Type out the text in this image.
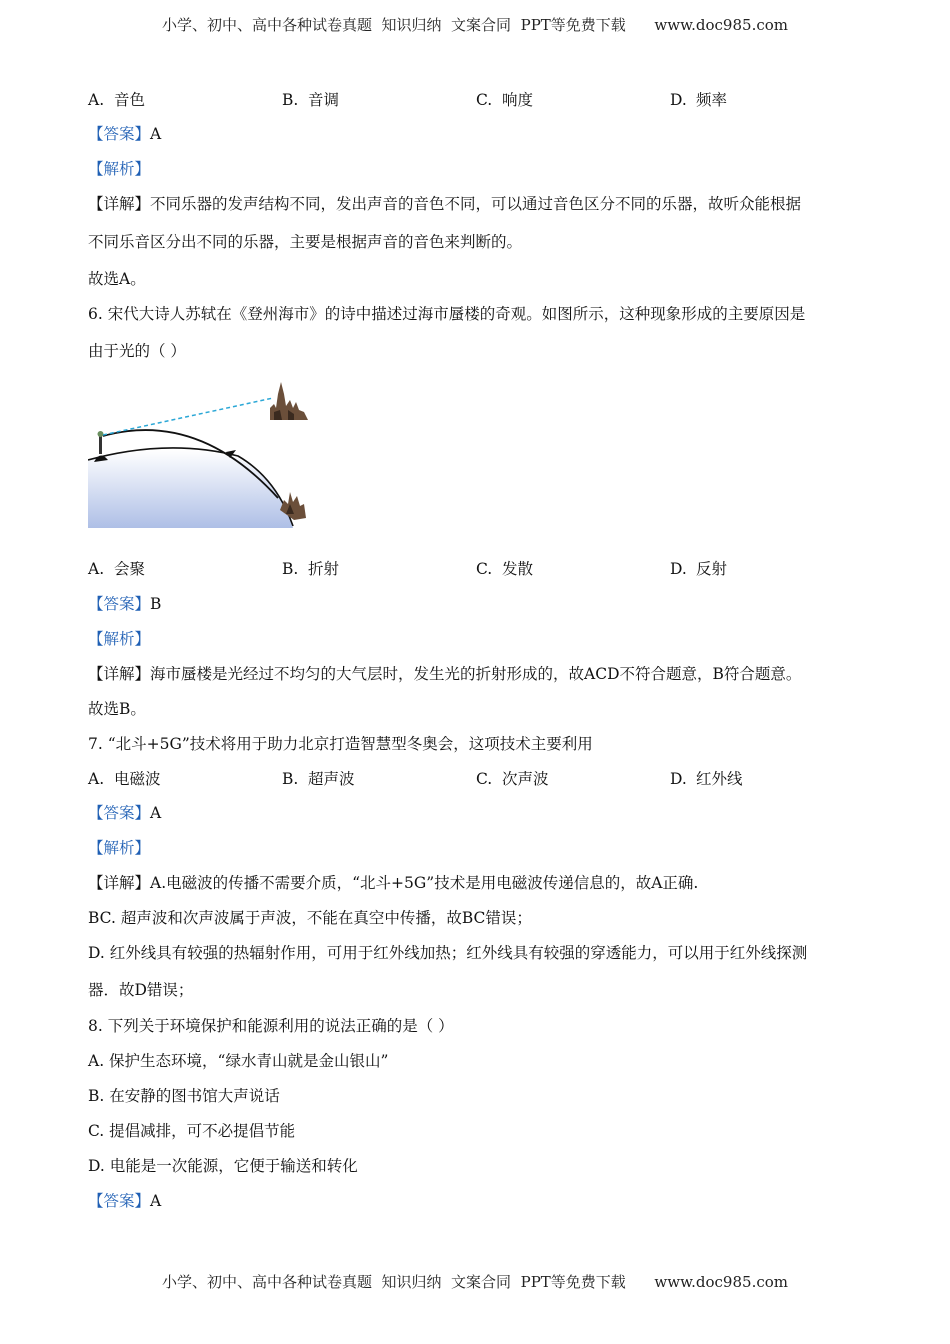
小学、初中、高中各种试卷真题  知识归纳  文案合同  PPT等免费下载      www.doc985.com
A. 音色	B. 音调	C. 响度	D. 频率
【答案】A
【解析】
【详解】不同乐器的发声结构不同，发出声音的音色不同，可以通过音色区分不同的乐器，故听众能根据
不同乐音区分出不同的乐器，主要是根据声音的音色来判断的。
故选A。
6. 宋代大诗人苏轼在《登州海市》的诗中描述过海市蜃楼的奇观。如图所示，这种现象形成的主要原因是
由于光的（ ）
A. 会聚	B. 折射	C. 发散	D. 反射
【答案】B
【解析】
【详解】海市蜃楼是光经过不均匀的大气层时，发生光的折射形成的，故ACD不符合题意，B符合题意。
故选B。
7. “北斗+5G”技术将用于助力北京打造智慧型冬奥会，这项技术主要利用
A. 电磁波	B. 超声波	C. 次声波	D. 红外线
【答案】A
【解析】
【详解】A.电磁波的传播不需要介质，“北斗+5G”技术是用电磁波传递信息的，故A正确.
BC. 超声波和次声波属于声波，不能在真空中传播，故BC错误；
D. 红外线具有较强的热辐射作用，可用于红外线加热；红外线具有较强的穿透能力，可以用于红外线探测
器．故D错误；
8. 下列关于环境保护和能源利用的说法正确的是（ ）
A. 保护生态环境，“绿水青山就是金山银山”
B. 在安静的图书馆大声说话
C. 提倡减排，可不必提倡节能
D. 电能是一次能源，它便于输送和转化
【答案】A
小学、初中、高中各种试卷真题  知识归纳  文案合同  PPT等免费下载      www.doc985.com
